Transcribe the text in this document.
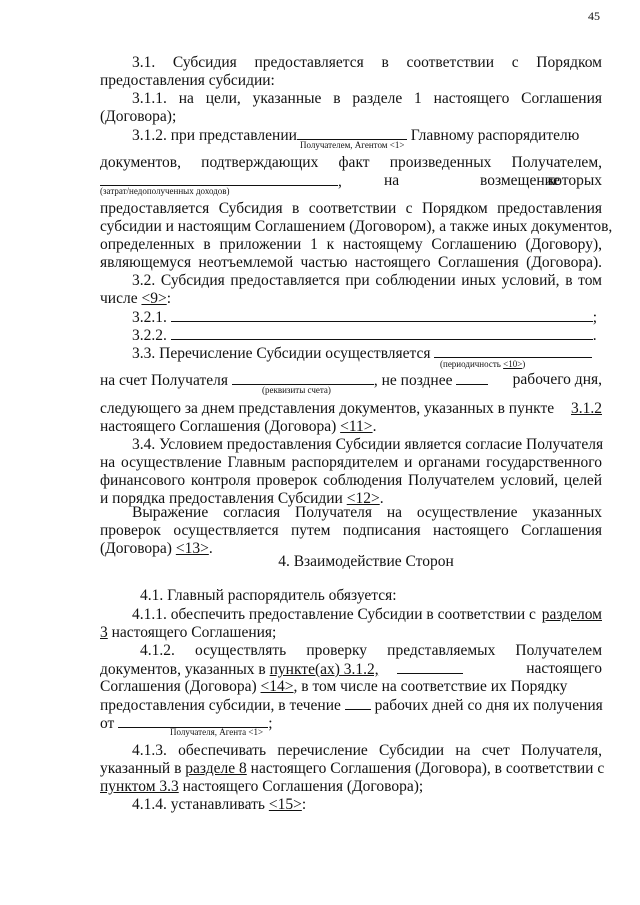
45
3.1. Субсидия предоставляется в соответствии с Порядком
предоставления субсидии:
3.1.1. на цели, указанные в разделе 1 настоящего Соглашения
(Договора);
3.1.2. при представлении	Главному распорядителю
Получателем, Агентом <1>
документов, подтверждающих факт произведенных Получателем,
,	на	возмещение
которых
(затрат/недополученных доходов)
предоставляется Субсидия в соответствии с Порядком предоставления
субсидии и настоящим Соглашением (Договором), а также иных документов,
определенных в приложении 1 к настоящему Соглашению (Договору),
являющемуся неотъемлемой частью настоящего Соглашения (Договора).
3.2. Субсидия предоставляется при соблюдении иных условий, в том
числе <9>:
3.2.1.	;
3.2.2.	.
3.3. Перечисление Субсидии осуществляется
(периодичность <10>)
на счет Получателя	, не позднее	рабочего дня,
(реквизиты счета)
следующего за днем представления документов, указанных в пункте 3.1.2
настоящего Соглашения (Договора) <11>.
3.4. Условием предоставления Субсидии является согласие Получателя
на осуществление Главным распорядителем и органами государственного
финансового контроля проверок соблюдения Получателем условий, целей
и порядка предоставления Субсидии <12>.
Выражение согласия Получателя на осуществление указанных
проверок осуществляется путем подписания настоящего Соглашения
(Договора) <13>.
4. Взаимодействие Сторон
4.1. Главный распорядитель обязуется:
4.1.1. обеспечить предоставление Субсидии в соответствии с разделом
3 настоящего Соглашения;
4.1.2. осуществлять проверку представляемых Получателем
документов, указанных в пункте(ах) 3.1.2,	настоящего
Соглашения (Договора) <14>, в том числе на соответствие их Порядку
предоставления субсидии, в течение рабочих дней со дня их получения
от	;
Получателя, Агента <1>
4.1.3. обеспечивать перечисление Субсидии на счет Получателя,
указанный в разделе 8 настоящего Соглашения (Договора), в соответствии с
пунктом 3.3 настоящего Соглашения (Договора);
4.1.4. устанавливать <15>:
